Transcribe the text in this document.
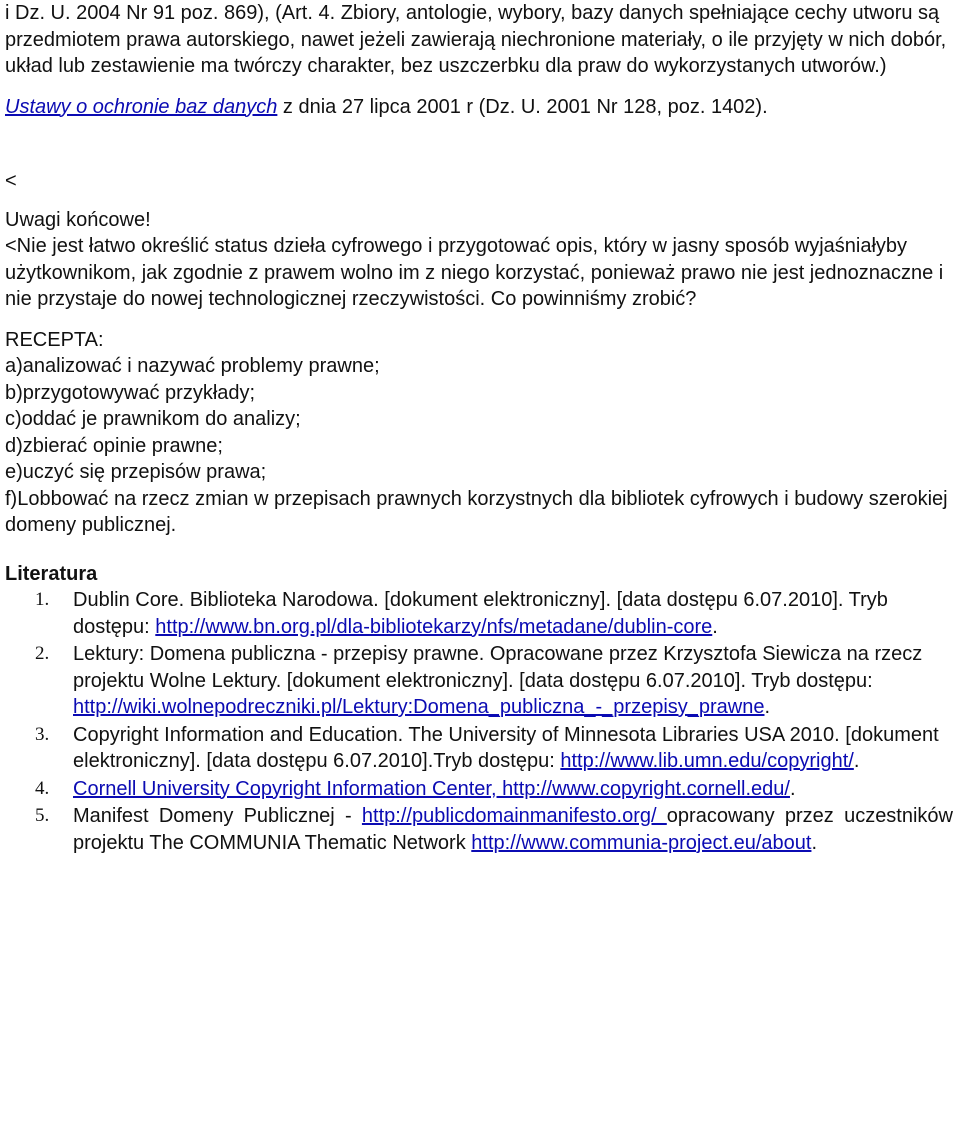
i Dz. U. 2004 Nr 91 poz. 869), (Art. 4. Zbiory, antologie, wybory, bazy danych spełniające cechy utworu są przedmiotem prawa autorskiego, nawet jeżeli zawierają niechronione materiały, o ile przyjęty w nich dobór, układ lub zestawienie ma twórczy charakter, bez uszczerbku dla praw do wykorzystanych utworów.)

Ustawy o ochronie baz danych z dnia 27 lipca 2001 r (Dz. U. 2001 Nr 128, poz. 1402).

<

Uwagi końcowe!

<Nie jest łatwo określić status dzieła cyfrowego i przygotować opis, który w jasny sposób wyjaśniałyby użytkownikom, jak zgodnie z prawem wolno im z niego korzystać, ponieważ prawo nie jest jednoznaczne i nie przystaje do nowej technologicznej rzeczywistości. Co powinniśmy zrobić?

RECEPTA:

a)analizować i nazywać problemy prawne;

b)przygotowywać przykłady;

c)oddać je prawnikom do analizy;

d)zbierać opinie prawne;

e)uczyć się przepisów prawa;

f)Lobbować na rzecz zmian w przepisach prawnych korzystnych dla bibliotek cyfrowych i budowy szerokiej domeny publicznej.

Literatura

1. Dublin Core. Biblioteka Narodowa. [dokument elektroniczny]. [data dostępu 6.07.2010]. Tryb dostępu: http://www.bn.org.pl/dla-bibliotekarzy/nfs/metadane/dublin-core.
2. Lektury: Domena publiczna - przepisy prawne. Opracowane przez Krzysztofa Siewicza na rzecz projektu Wolne Lektury. [dokument elektroniczny]. [data dostępu 6.07.2010]. Tryb dostępu: http://wiki.wolnepodreczniki.pl/Lektury:Domena_publiczna_-_przepisy_prawne.
3. Copyright Information and Education. The University of Minnesota Libraries USA 2010. [dokument elektroniczny]. [data dostępu 6.07.2010].Tryb dostępu: http://www.lib.umn.edu/copyright/.
4. Cornell University Copyright Information Center, http://www.copyright.cornell.edu/.
5. Manifest Domeny Publicznej - http://publicdomainmanifesto.org/ opracowany przez uczestników projektu The COMMUNIA Thematic Network http://www.communia-project.eu/about.
